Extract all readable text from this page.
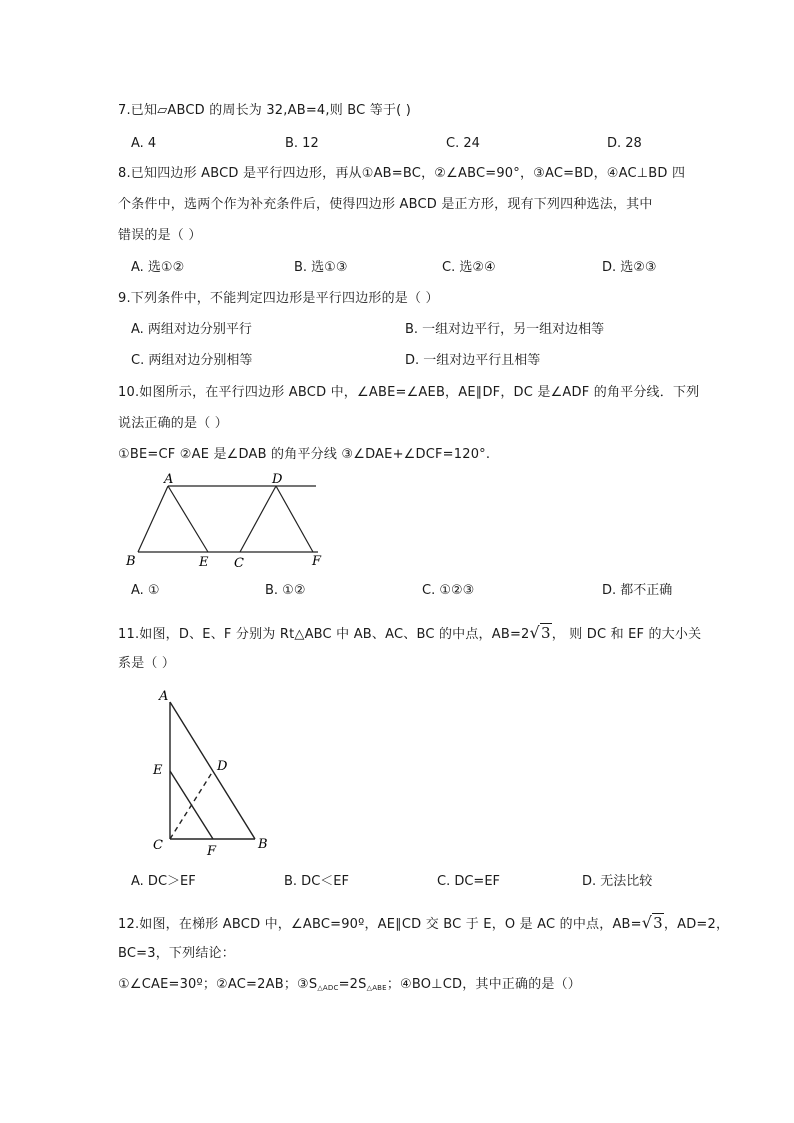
7.已知▱ABCD 的周长为 32,AB=4,则 BC 等于( )
A. 4	B. 12	C. 24	D. 28
8.已知四边形 ABCD 是平行四边形，再从①AB=BC，②∠ABC=90°，③AC=BD，④AC⊥BD 四
个条件中，选两个作为补充条件后，使得四边形 ABCD 是正方形，现有下列四种选法，其中
错误的是（ ）
A. 选①②	B. 选①③	C. 选②④	D. 选②③
9.下列条件中，不能判定四边形是平行四边形的是（ ）
A. 两组对边分别平行	B. 一组对边平行，另一组对边相等
C. 两组对边分别相等	D. 一组对边平行且相等
10.如图所示，在平行四边形 ABCD 中，∠ABE=∠AEB，AE∥DF，DC 是∠ADF 的角平分线．下列
说法正确的是（ ）
①BE=CF ②AE 是∠DAB 的角平分线 ③∠DAE+∠DCF=120°.
A	D
B	E C	F
A. ①	B. ①②	C. ①②③	D. 都不正确
11.如图，D、E、F 分别为 Rt△ABC 中 AB、AC、BC 的中点，AB=2√3， 则 DC 和 EF 的大小关
系是（ ）
A
E	D
C	F	B
A. DC＞EF	B. DC＜EF	C. DC=EF	D. 无法比较
12.如图，在梯形 ABCD 中，∠ABC=90º，AE∥CD 交 BC 于 E，O 是 AC 的中点，AB=√3，AD=2，
BC=3，下列结论：
①∠CAE=30º；②AC=2AB；$③S_{\triangle ADC}=2S_{\triangle ABE}$；④BO⊥CD，其中正确的是（）
